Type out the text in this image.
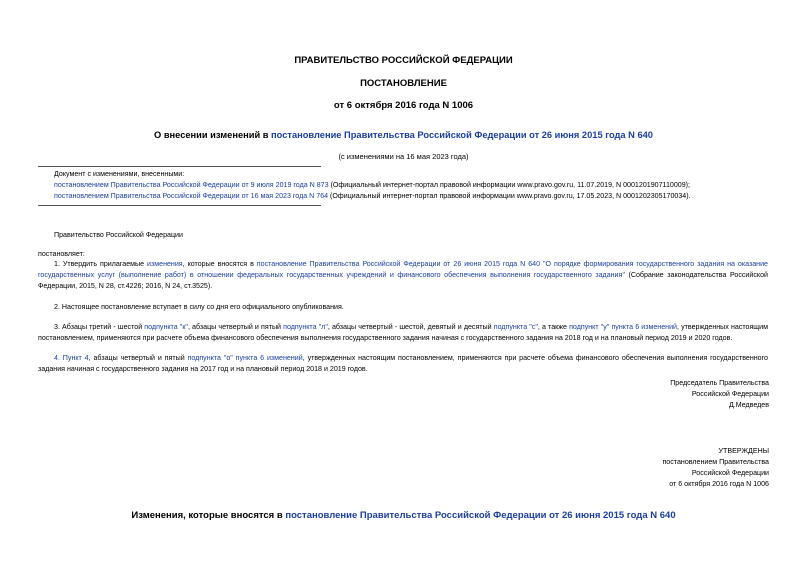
ПРАВИТЕЛЬСТВО РОССИЙСКОЙ ФЕДЕРАЦИИ
ПОСТАНОВЛЕНИЕ
от 6 октября 2016 года N 1006
О внесении изменений в постановление Правительства Российской Федерации от 26 июня 2015 года N 640
(с изменениями на 16 мая 2023 года)
Документ с изменениями, внесенными:
постановлением Правительства Российской Федерации от 9 июля 2019 года N 873 (Официальный интернет-портал правовой информации www.pravo.gov.ru, 11.07.2019, N 0001201907110009);
постановлением Правительства Российской Федерации от 16 мая 2023 года N 764 (Официальный интернет-портал правовой информации www.pravo.gov.ru, 17.05.2023, N 0001202305170034).
Правительство Российской Федерации
постановляет:
1. Утвердить прилагаемые изменения, которые вносятся в постановление Правительства Российской Федерации от 26 июня 2015 года N 640 "О порядке формирования государственного задания на оказание государственных услуг (выполнение работ) в отношении федеральных государственных учреждений и финансового обеспечения выполнения государственного задания" (Собрание законодательства Российской Федерации, 2015, N 28, ст.4226; 2016, N 24, ст.3525).
2. Настоящее постановление вступает в силу со дня его официального опубликования.
3. Абзацы третий - шестой подпункта "к", абзацы четвертый и пятый подпункта "л", абзацы четвертый - шестой, девятый и десятый подпункта "с", а также подпункт "у" пункта 6 изменений, утвержденных настоящим постановлением, применяются при расчете объема финансового обеспечения выполнения государственного задания начиная с государственного задания на 2018 год и на плановый период 2019 и 2020 годов.
4. Пункт 4, абзацы четвертый и пятый подпункта "о" пункта 6 изменений, утвержденных настоящим постановлением, применяются при расчете объема финансового обеспечения выполнения государственного задания начиная с государственного задания на 2017 год и на плановый период 2018 и 2019 годов.
Председатель Правительства
Российской Федерации
Д.Медведев
УТВЕРЖДЕНЫ
постановлением Правительства
Российской Федерации
от 6 октября 2016 года N 1006
Изменения, которые вносятся в постановление Правительства Российской Федерации от 26 июня 2015 года N 640
